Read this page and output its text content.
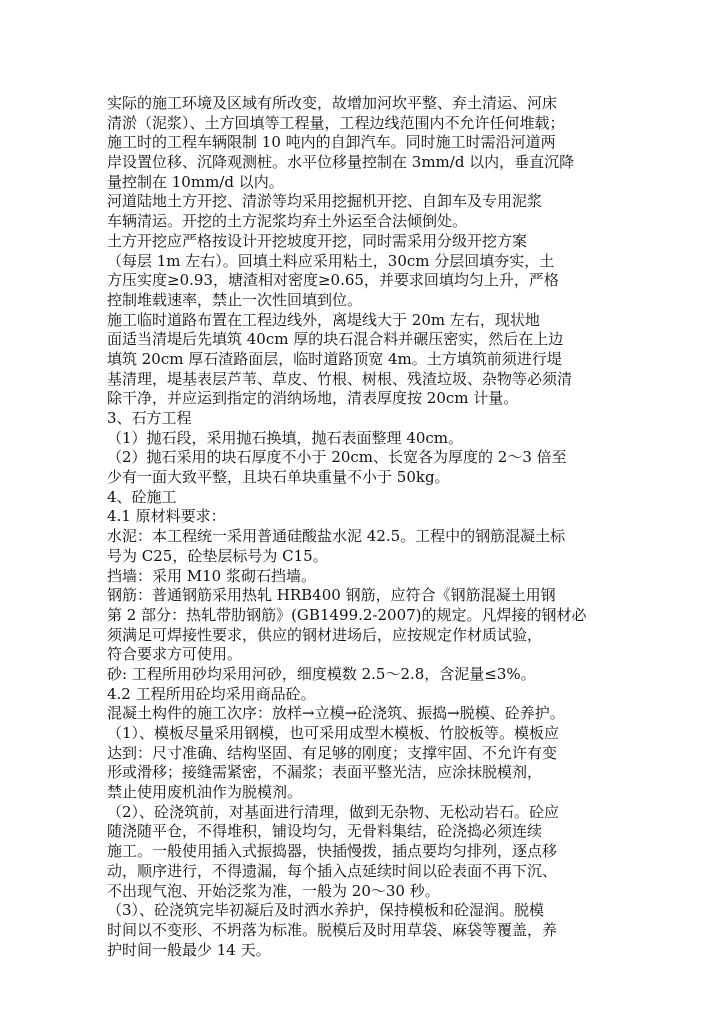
实际的施工环境及区域有所改变，故增加河坎平整、弃土清运、河床
清淤（泥浆）、土方回填等工程量，工程边线范围内不允许任何堆载；
施工时的工程车辆限制 10 吨内的自卸汽车。同时施工时需沿河道两
岸设置位移、沉降观测桩。水平位移量控制在 3mm/d 以内，垂直沉降
量控制在 10mm/d 以内。
河道陆地土方开挖、清淤等均采用挖掘机开挖、自卸车及专用泥浆
车辆清运。开挖的土方泥浆均弃土外运至合法倾倒处。
土方开挖应严格按设计开挖坡度开挖，同时需采用分级开挖方案
（每层 1m 左右）。回填土料应采用粘土，30cm 分层回填夯实，土
方压实度≥0.93，塘渣相对密度≥0.65，并要求回填均匀上升，严格
控制堆载速率，禁止一次性回填到位。
施工临时道路布置在工程边线外，离堤线大于 20m 左右，现状地
面适当清堤后先填筑 40cm 厚的块石混合料并碾压密实，然后在上边
填筑 20cm 厚石渣路面层，临时道路顶宽 4m。土方填筑前须进行堤
基清理，堤基表层芦苇、草皮、竹根、树根、残渣垃圾、杂物等必须清
除干净，并应运到指定的消纳场地，清表厚度按 20cm 计量。
3、石方工程
（1）抛石段，采用抛石换填，抛石表面整理 40cm。
（2）抛石采用的块石厚度不小于 20cm、长宽各为厚度的 2～3 倍至
少有一面大致平整，且块石单块重量不小于 50kg。
4、砼施工
4.1 原材料要求：
水泥：本工程统一采用普通硅酸盐水泥 42.5。工程中的钢筋混凝土标
号为 C25，砼垫层标号为 C15。
挡墙：采用 M10 浆砌石挡墙。
钢筋：普通钢筋采用热轧 HRB400 钢筋，应符合《钢筋混凝土用钢
第 2 部分：热轧带肋钢筋》(GB1499.2-2007)的规定。凡焊接的钢材必
须满足可焊接性要求，供应的钢材进场后，应按规定作材质试验，
符合要求方可使用。
砂: 工程所用砂均采用河砂，细度模数 2.5～2.8，含泥量≤3%。
4.2 工程所用砼均采用商品砼。
混凝土构件的施工次序：放样→立模→砼浇筑、振捣→脱模、砼养护。
（1）、模板尽量采用钢模，也可采用成型木模板、竹胶板等。模板应
达到：尺寸准确、结构坚固、有足够的刚度；支撑牢固、不允许有变
形或滑移；接缝需紧密，不漏浆；表面平整光洁，应涂抹脱模剂，
禁止使用废机油作为脱模剂。
（2）、砼浇筑前，对基面进行清理，做到无杂物、无松动岩石。砼应
随浇随平仓，不得堆积，铺设均匀，无骨料集结，砼浇捣必须连续
施工。一般使用插入式振捣器，快插慢拨，插点要均匀排列，逐点移
动，顺序进行，不得遗漏，每个插入点延续时间以砼表面不再下沉、
不出现气泡、开始泛浆为准，一般为 20～30 秒。
（3）、砼浇筑完毕初凝后及时洒水养护，保持模板和砼湿润。脱模
时间以不变形、不坍落为标准。脱模后及时用草袋、麻袋等覆盖，养
护时间一般最少 14 天。
